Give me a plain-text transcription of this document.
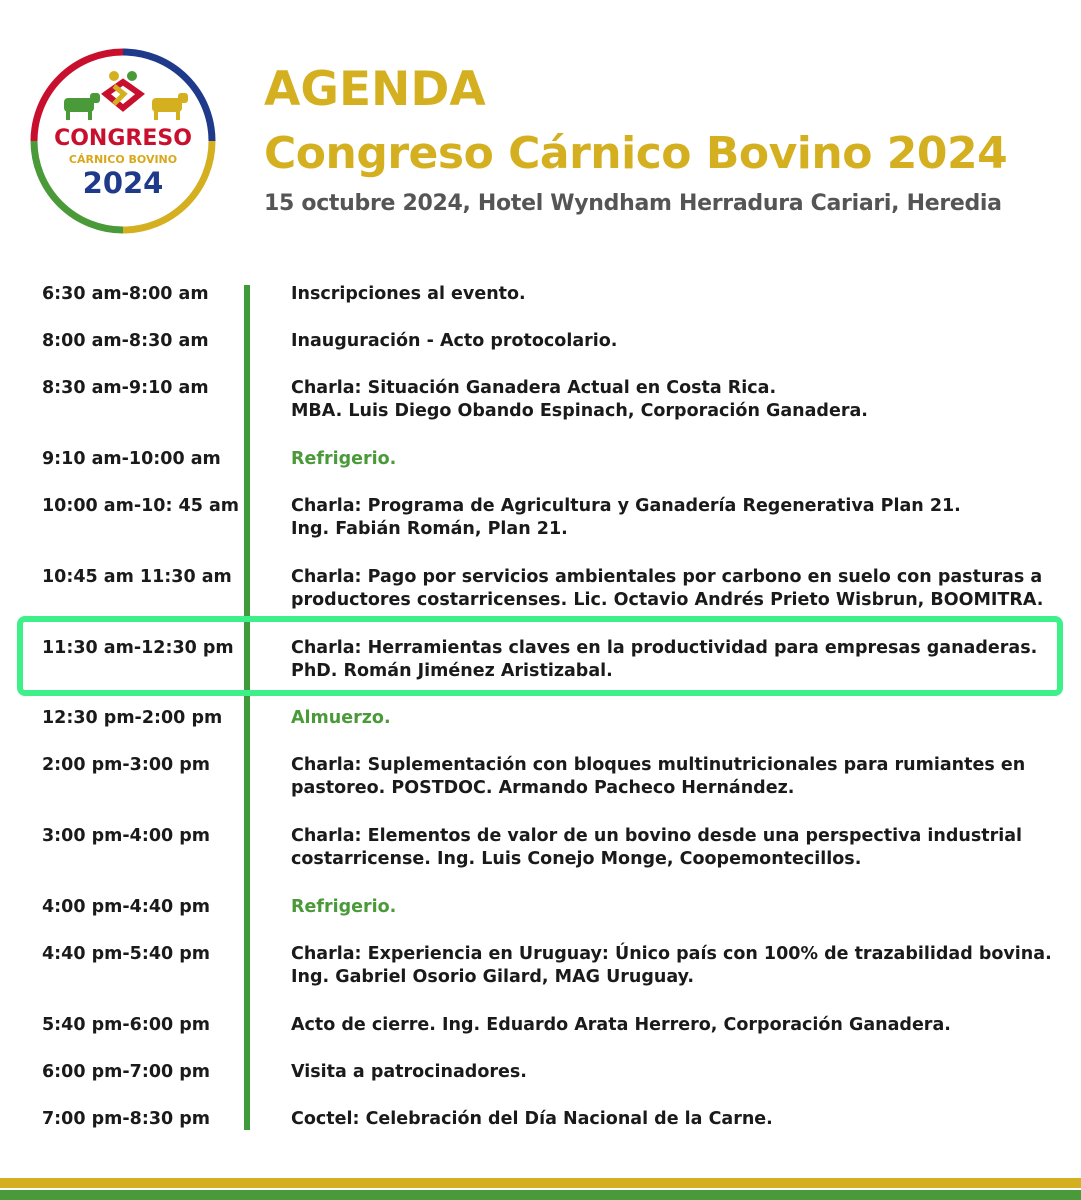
CONGRESO
CÁRNICO BOVINO
2024
AGENDA
Congreso Cárnico Bovino 2024
15 octubre 2024, Hotel Wyndham Herradura Cariari, Heredia
6:30 am-8:00 am	Inscripciones al evento.
8:00 am-8:30 am	Inauguración - Acto protocolario.
8:30 am-9:10 am	Charla: Situación Ganadera Actual en Costa Rica.
MBA. Luis Diego Obando Espinach, Corporación Ganadera.
9:10 am-10:00 am	Refrigerio.
10:00 am-10: 45 am	Charla: Programa de Agricultura y Ganadería Regenerativa Plan 21.
Ing. Fabián Román, Plan 21.
10:45 am 11:30 am	Charla: Pago por servicios ambientales por carbono en suelo con pasturas a
productores costarricenses. Lic. Octavio Andrés Prieto Wisbrun, BOOMITRA.
11:30 am-12:30 pm	Charla: Herramientas claves en la productividad para empresas ganaderas.
PhD. Román Jiménez Aristizabal.
12:30 pm-2:00 pm	Almuerzo.
2:00 pm-3:00 pm	Charla: Suplementación con bloques multinutricionales para rumiantes en
pastoreo. POSTDOC. Armando Pacheco Hernández.
3:00 pm-4:00 pm	Charla: Elementos de valor de un bovino desde una perspectiva industrial
costarricense. Ing. Luis Conejo Monge, Coopemontecillos.
4:00 pm-4:40 pm	Refrigerio.
4:40 pm-5:40 pm	Charla: Experiencia en Uruguay: Único país con 100% de trazabilidad bovina.
Ing. Gabriel Osorio Gilard, MAG Uruguay.
5:40 pm-6:00 pm	Acto de cierre. Ing. Eduardo Arata Herrero, Corporación Ganadera.
6:00 pm-7:00 pm	Visita a patrocinadores.
7:00 pm-8:30 pm	Coctel: Celebración del Día Nacional de la Carne.
